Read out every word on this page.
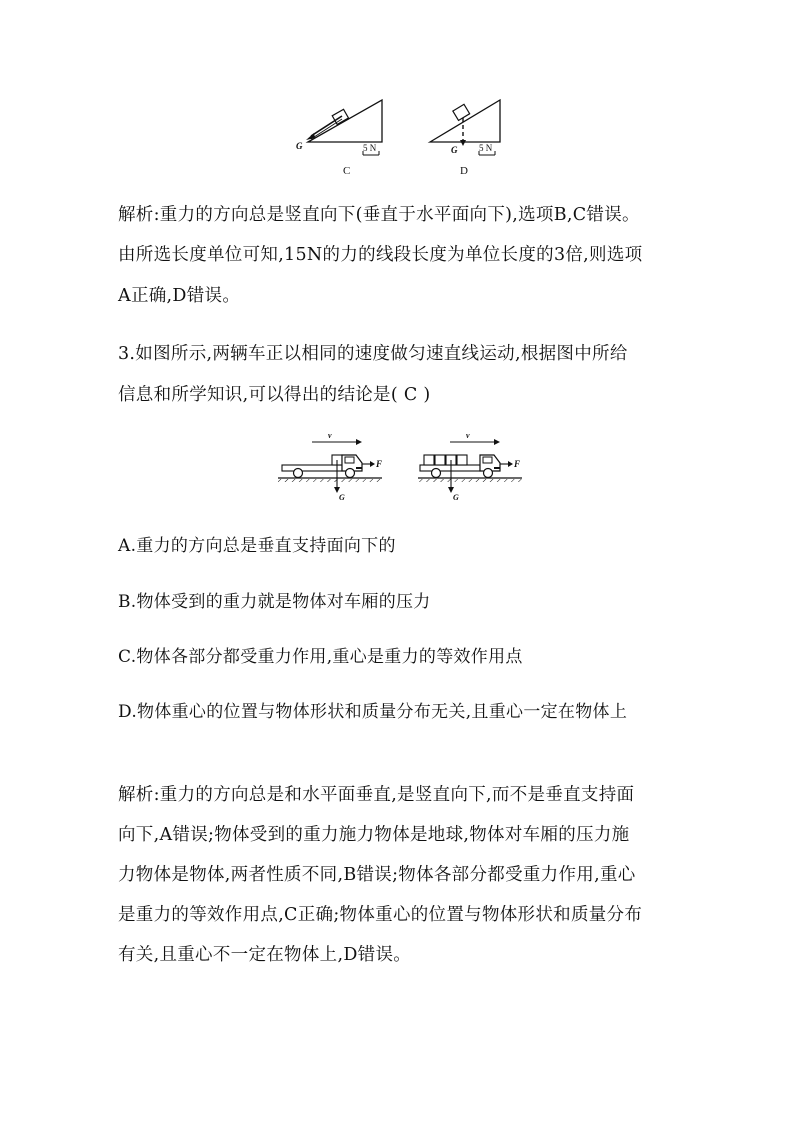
G	5 N
C
G 5 N
D
解析:重力的方向总是竖直向下(垂直于水平面向下),选项B,C错误。
由所选长度单位可知,15N的力的线段长度为单位长度的3倍,则选项
A正确,D错误。
3.如图所示,两辆车正以相同的速度做匀速直线运动,根据图中所给
信息和所学知识,可以得出的结论是( C )
v
F
G
v
F
G
A.重力的方向总是垂直支持面向下的
B.物体受到的重力就是物体对车厢的压力
C.物体各部分都受重力作用,重心是重力的等效作用点
D.物体重心的位置与物体形状和质量分布无关,且重心一定在物体上
解析:重力的方向总是和水平面垂直,是竖直向下,而不是垂直支持面
向下,A错误;物体受到的重力施力物体是地球,物体对车厢的压力施
力物体是物体,两者性质不同,B错误;物体各部分都受重力作用,重心
是重力的等效作用点,C正确;物体重心的位置与物体形状和质量分布
有关,且重心不一定在物体上,D错误。
